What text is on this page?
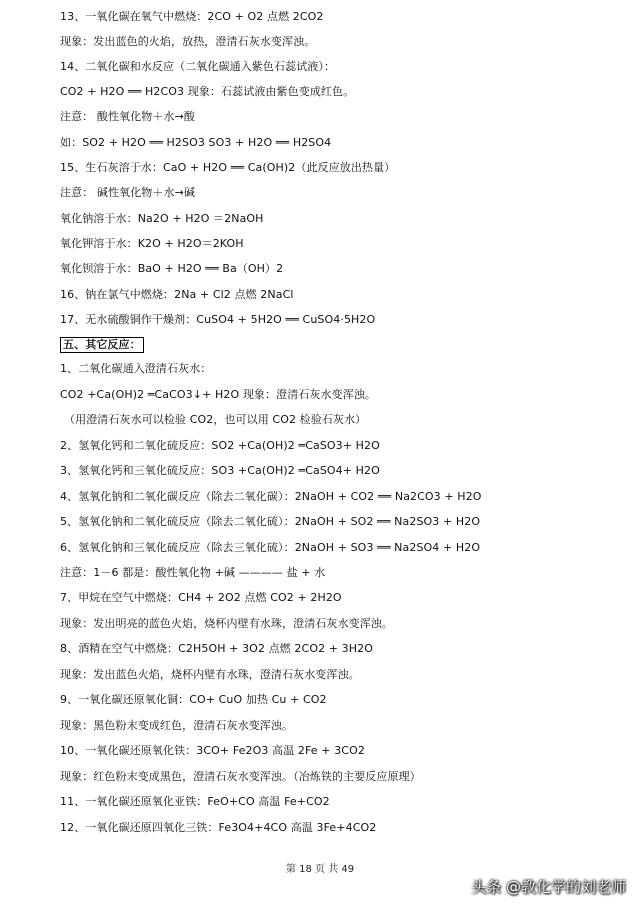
13、一氧化碳在氧气中燃烧：2CO + O2 点燃 2CO2
现象：发出蓝色的火焰，放热，澄清石灰水变浑浊。
14、二氧化碳和水反应（二氧化碳通入紫色石蕊试液）：
CO2 + H2O ══ H2CO3 现象：石蕊试液由紫色变成红色。
注意： 酸性氧化物＋水→酸
如：SO2 + H2O ══ H2SO3 SO3 + H2O ══ H2SO4
15、生石灰溶于水：CaO + H2O ══ Ca(OH)2（此反应放出热量）
注意： 碱性氧化物＋水→碱
氧化钠溶于水：Na2O + H2O ＝2NaOH
氧化钾溶于水：K2O + H2O＝2KOH
氧化钡溶于水：BaO + H2O ══ Ba（OH）2
16、钠在氯气中燃烧：2Na + Cl2 点燃 2NaCl
17、无水硫酸铜作干燥剂：CuSO4 + 5H2O ══ CuSO4·5H2O
五、其它反应：
1、二氧化碳通入澄清石灰水：
CO2 +Ca(OH)2 ═CaCO3↓+ H2O 现象：澄清石灰水变浑浊。
（用澄清石灰水可以检验 CO2，也可以用 CO2 检验石灰水）
2、氢氧化钙和二氧化硫反应：SO2 +Ca(OH)2 ═CaSO3+ H2O
3、氢氧化钙和三氧化硫反应：SO3 +Ca(OH)2 ═CaSO4+ H2O
4、氢氧化钠和二氧化碳反应（除去二氧化碳）：2NaOH + CO2 ══ Na2CO3 + H2O
5、氢氧化钠和二氧化硫反应（除去二氧化硫）：2NaOH + SO2 ══ Na2SO3 + H2O
6、氢氧化钠和三氧化硫反应（除去三氧化硫）：2NaOH + SO3 ══ Na2SO4 + H2O
注意：1－6 都是：酸性氧化物 +碱 ———— 盐 + 水
7、甲烷在空气中燃烧：CH4 + 2O2 点燃 CO2 + 2H2O
现象：发出明亮的蓝色火焰，烧杯内壁有水珠，澄清石灰水变浑浊。
8、酒精在空气中燃烧：C2H5OH + 3O2 点燃 2CO2 + 3H2O
现象：发出蓝色火焰，烧杯内壁有水珠，澄清石灰水变浑浊。
9、一氧化碳还原氧化铜：CO+ CuO 加热 Cu + CO2
现象：黑色粉末变成红色，澄清石灰水变浑浊。
10、一氧化碳还原氧化铁：3CO+ Fe2O3 高温 2Fe + 3CO2
现象：红色粉末变成黑色，澄清石灰水变浑浊。（冶炼铁的主要反应原理）
11、一氧化碳还原氧化亚铁：FeO+CO 高温 Fe+CO2
12、一氧化碳还原四氧化三铁：Fe3O4+4CO 高温 3Fe+4CO2
第 18 页 共 49
头条 @教化学的刘老师
